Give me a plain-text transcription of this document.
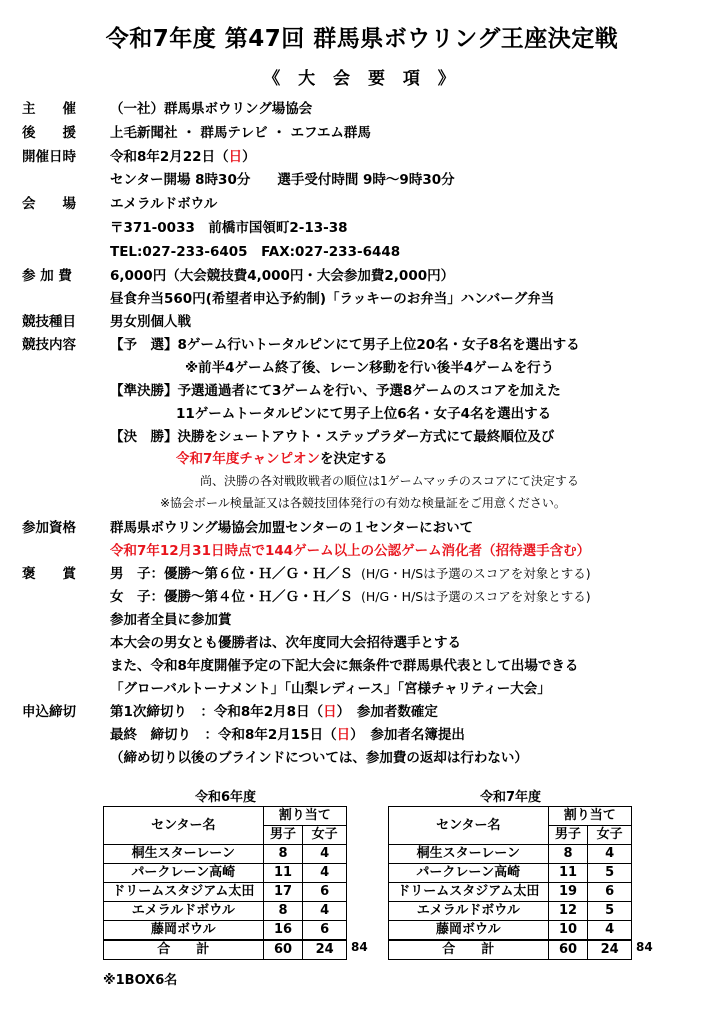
令和7年度 第47回 群馬県ボウリング王座決定戦
《 大 会 要 項 》
主　　催	（一社）群馬県ボウリング場協会
後　　援	上毛新聞社 ・ 群馬テレビ ・ エフエム群馬
開催日時	令和8年2月22日（日）
センター開場 8時30分　　選手受付時間 9時～9時30分
会　　場	エメラルドボウル
〒371-0033　前橋市国領町2-13-38
TEL:027-233-6405　FAX:027-233-6448
参 加 費	6,000円（大会競技費4,000円・大会参加費2,000円）
昼食弁当560円(希望者申込予約制)「ラッキーのお弁当」ハンバーグ弁当
競技種目	男女別個人戦
競技内容	【予　選】8ゲーム行いトータルピンにて男子上位20名・女子8名を選出する
※前半4ゲーム終了後、レーン移動を行い後半4ゲームを行う
【準決勝】予選通過者にて3ゲームを行い、予選8ゲームのスコアを加えた
11ゲームトータルピンにて男子上位6名・女子4名を選出する
【決　勝】決勝をシュートアウト・ステップラダー方式にて最終順位及び
令和7年度チャンピオンを決定する
尚、決勝の各対戦敗戦者の順位は1ゲームマッチのスコアにて決定する
※協会ボール検量証又は各競技団体発行の有効な検量証をご用意ください。
参加資格	群馬県ボウリング場協会加盟センターの１センターにおいて
令和7年12月31日時点で144ゲーム以上の公認ゲーム消化者（招待選手含む）
褒　　賞	男　子：優勝～第６位・Ｈ／Ｇ・Ｈ／Ｓ (H/G・H/Sは予選のスコアを対象とする)
女　子：優勝～第４位・Ｈ／Ｇ・Ｈ／Ｓ (H/G・H/Sは予選のスコアを対象とする)
参加者全員に参加賞
本大会の男女とも優勝者は、次年度同大会招待選手とする
また、令和8年度開催予定の下記大会に無条件で群馬県代表として出場できる
「グローバルトーナメント」「山梨レディース」「宮様チャリティー大会」
申込締切	第1次締切り　：令和8年2月8日（日）　参加者数確定
最終　締切り　：令和8年2月15日（日）　参加者名簿提出
（締め切り以後のブラインドについては、参加費の返却は行わない）
令和6年度
センター名	割り当て	
	男子	女子
桐生スターレーン	8	4
パークレーン高崎	11	4
ドリームスタジアム太田	17	6
エメラルドボウル	8	4
藤岡ボウル	16	6
合　　計	60	24 84
令和7年度
センター名	割り当て	
	男子	女子
桐生スターレーン	8	4
パークレーン高崎	11	5
ドリームスタジアム太田	19	6
エメラルドボウル	12	5
藤岡ボウル	10	4
合　　計	60	24 84
※1BOX6名
